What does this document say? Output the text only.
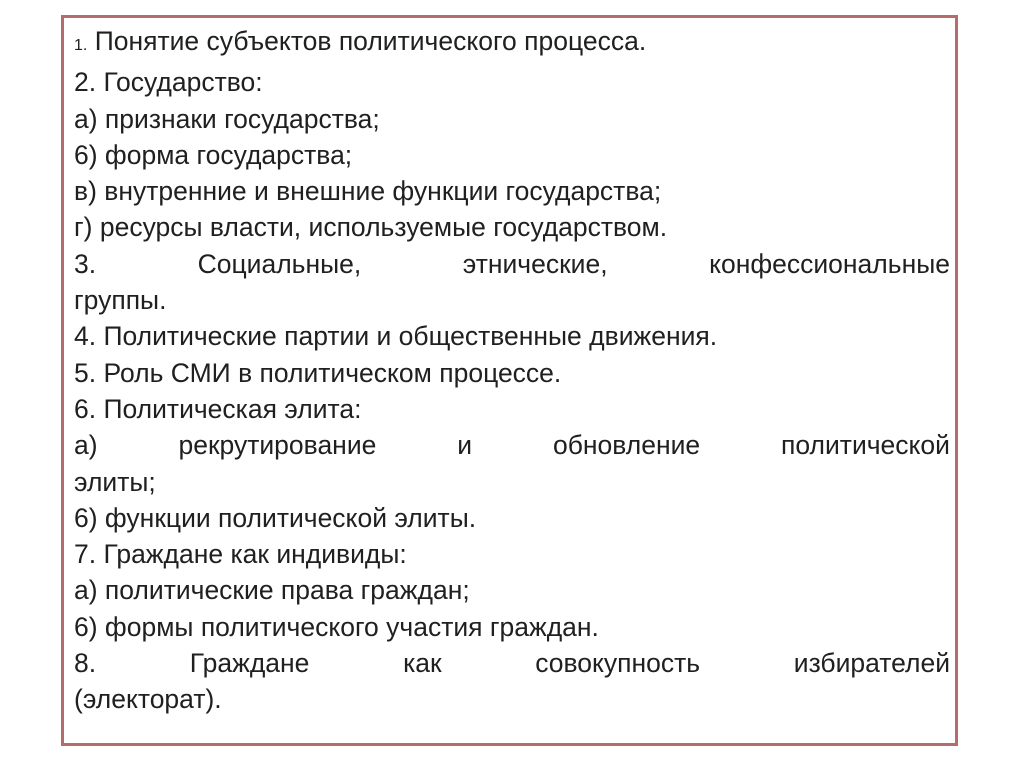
1. Понятие субъектов политического процесса.
2. Государство:
а) признаки государства;
6) форма государства;
в) внутренние и внешние функции государства;
г) ресурсы власти, используемые государством.
3.	Социальные,	этнические,	конфессиональные
группы.
4. Политические партии и общественные движения.
5. Роль СМИ в политическом процессе.
6. Политическая элита:
а)	рекрутирование	и	обновление	политической
элиты;
6) функции политической элиты.
7. Граждане как индивиды:
а) политические права граждан;
6) формы политического участия граждан.
8.	Граждане	как	совокупность	избирателей
(электорат).
